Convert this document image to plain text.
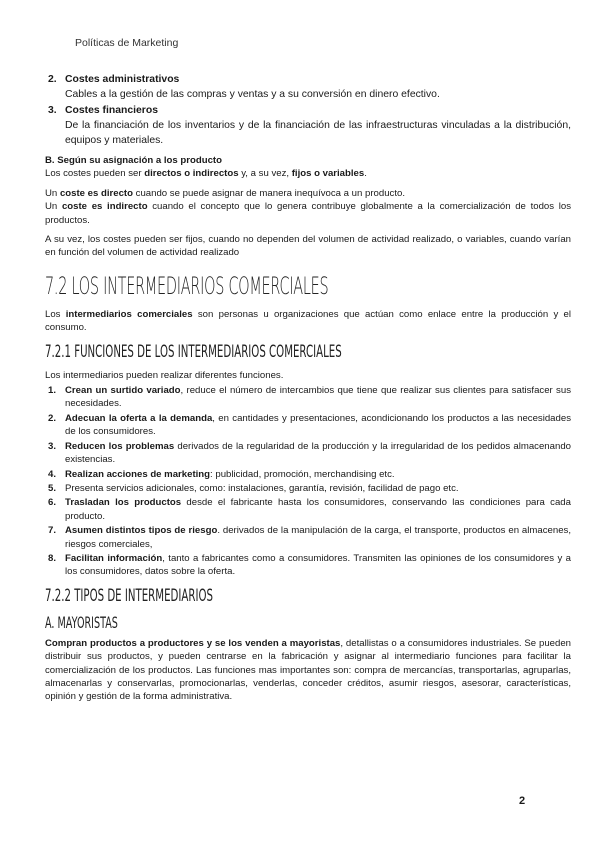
Políticas de Marketing
2. Costes administrativos
Cables a la gestión de las compras y ventas y a su conversión en dinero efectivo.
3. Costes financieros
De la financiación de los inventarios y de la financiación de las infraestructuras vinculadas a la distribución, equipos y materiales.
B. Según su asignación a los producto

Los costes pueden ser directos o indirectos y, a su vez, fijos o variables.

Un coste es directo cuando se puede asignar de manera inequívoca a un producto.
Un coste es indirecto cuando el concepto que lo genera contribuye globalmente a la comercialización de todos los productos.

A su vez, los costes pueden ser fijos, cuando no dependen del volumen de actividad realizado, o variables, cuando varían en función del volumen de actividad realizado

7.2 LOS INTERMEDIARIOS COMERCIALES

Los intermediarios comerciales son personas u organizaciones que actúan como enlace entre la producción y el consumo.

7.2.1 FUNCIONES DE LOS INTERMEDIARIOS COMERCIALES
Los intermediarios pueden realizar diferentes funciones.
1. Crean un surtido variado, reduce el número de intercambios que tiene que realizar sus clientes para satisfacer sus necesidades.
2. Adecuan la oferta a la demanda, en cantidades y presentaciones, acondicionando los productos a las necesidades de los consumidores.
3. Reducen los problemas derivados de la regularidad de la producción y la irregularidad de los pedidos almacenando existencias.
4. Realizan acciones de marketing: publicidad, promoción, merchandising etc.
5. Presenta servicios adicionales, como: instalaciones, garantía, revisión, facilidad de pago etc.
6. Trasladan los productos desde el fabricante hasta los consumidores, conservando las condiciones para cada producto.
7. Asumen distintos tipos de riesgo. derivados de la manipulación de la carga, el transporte, productos en almacenes, riesgos comerciales,
8. Facilitan información, tanto a fabricantes como a consumidores. Transmiten las opiniones de los consumidores y a los consumidores, datos sobre la oferta.
7.2.2 TIPOS DE INTERMEDIARIOS
A. MAYORISTAS

Compran productos a productores y se los venden a mayoristas, detallistas o a consumidores industriales. Se pueden distribuir sus productos, y pueden centrarse en la fabricación y asignar al intermediario funciones para facilitar la comercialización de los productos. Las funciones mas importantes son: compra de mercancías, transportarlas, agruparlas, almacenarlas y conservarlas, promocionarlas, venderlas, conceder créditos, asumir riesgos, asesorar, características, opinión y gestión de la forma administrativa.

2
